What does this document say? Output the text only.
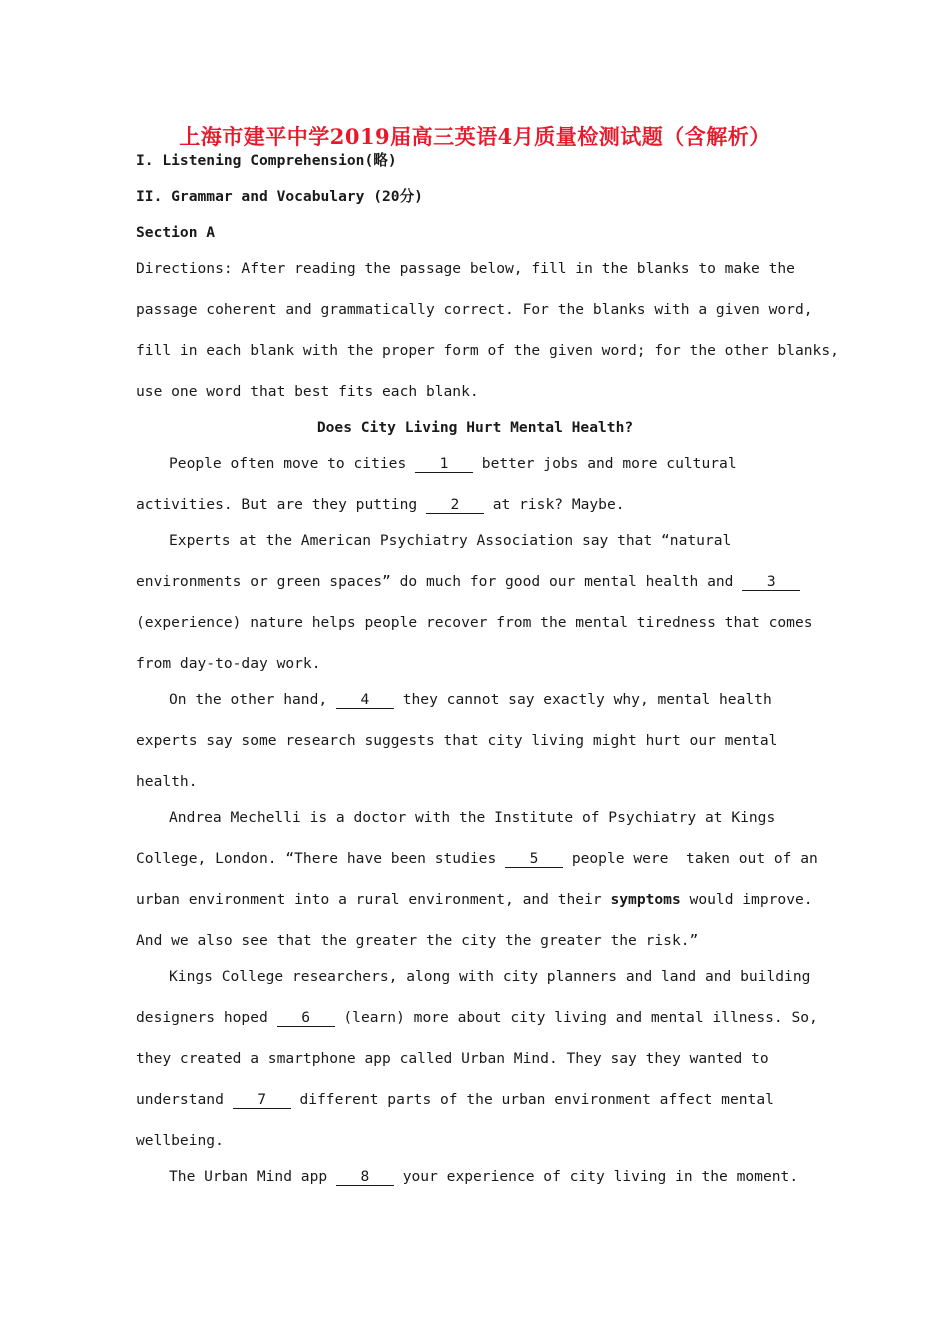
上海市建平中学2019届高三英语4月质量检测试题（含解析）
I. Listening Comprehension(略)
II. Grammar and Vocabulary (20分)
Section A
Directions: After reading the passage below, fill in the blanks to make the
passage coherent and grammatically correct. For the blanks with a given word,
fill in each blank with the proper form of the given word; for the other blanks,
use one word that best fits each blank.
Does City Living Hurt Mental Health?
People often move to cities 1 better jobs and more cultural
activities. But are they putting 2 at risk? Maybe.
Experts at the American Psychiatry Association say that “natural
environments or green spaces” do much for good our mental health and 3
(experience) nature helps people recover from the mental tiredness that comes
from day-to-day work.
On the other hand, 4 they cannot say exactly why, mental health
experts say some research suggests that city living might hurt our mental
health.
Andrea Mechelli is a doctor with the Institute of Psychiatry at Kings
College, London. “There have been studies 5 people were  taken out of an
urban environment into a rural environment, and their symptoms would improve.
And we also see that the greater the city the greater the risk.”
Kings College researchers, along with city planners and land and building
designers hoped 6 (learn) more about city living and mental illness. So,
they created a smartphone app called Urban Mind. They say they wanted to
understand 7 different parts of the urban environment affect mental
wellbeing.
The Urban Mind app 8 your experience of city living in the moment.
